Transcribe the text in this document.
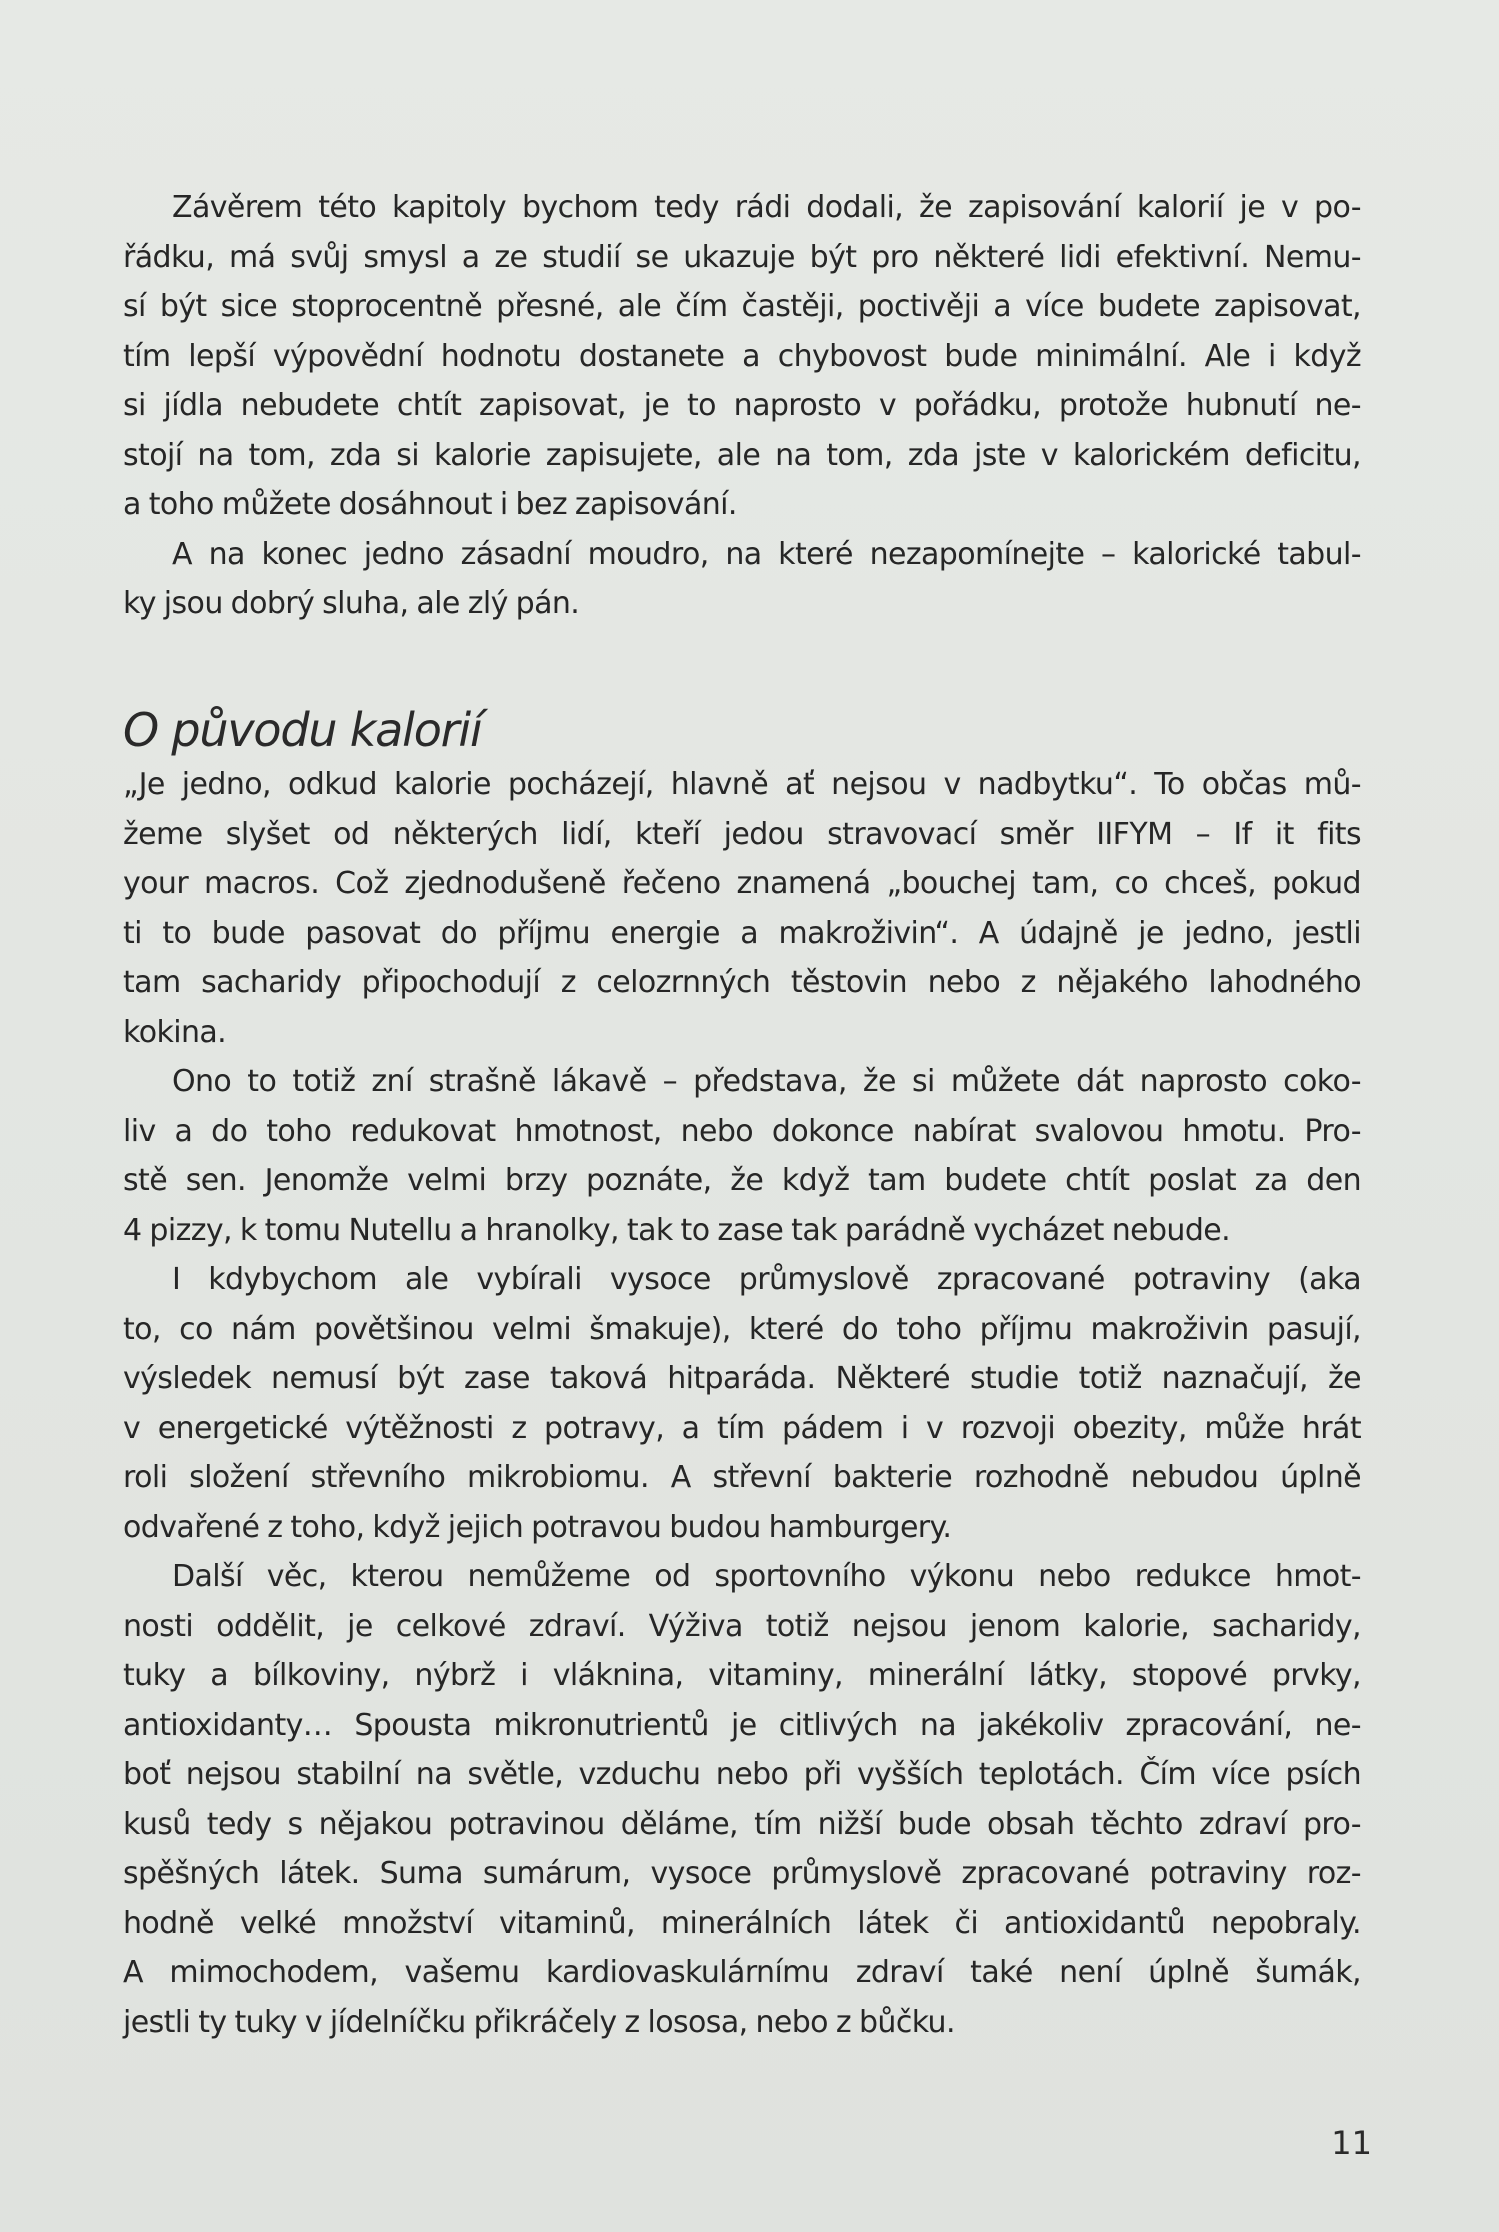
Závěrem této kapitoly bychom tedy rádi dodali, že zapisování kalorií je v po-
řádku, má svůj smysl a ze studií se ukazuje být pro některé lidi efektivní. Nemu-
sí být sice stoprocentně přesné, ale čím častěji, poctivěji a více budete zapisovat,
tím lepší výpovědní hodnotu dostanete a chybovost bude minimální. Ale i když
si jídla nebudete chtít zapisovat, je to naprosto v pořádku, protože hubnutí ne-
stojí na tom, zda si kalorie zapisujete, ale na tom, zda jste v kalorickém deficitu,
a toho můžete dosáhnout i bez zapisování.
A na konec jedno zásadní moudro, na které nezapomínejte – kalorické tabul-
ky jsou dobrý sluha, ale zlý pán.
O původu kalorií
„Je jedno, odkud kalorie pocházejí, hlavně ať nejsou v nadbytku“. To občas mů-
žeme slyšet od některých lidí, kteří jedou stravovací směr IIFYM – If it fits
your macros. Což zjednodušeně řečeno znamená „bouchej tam, co chceš, pokud
ti to bude pasovat do příjmu energie a makroživin“. A údajně je jedno, jestli
tam sacharidy připochodují z celozrnných těstovin nebo z nějakého lahodného
kokina.
Ono to totiž zní strašně lákavě – představa, že si můžete dát naprosto coko-
liv a do toho redukovat hmotnost, nebo dokonce nabírat svalovou hmotu. Pro-
stě sen. Jenomže velmi brzy poznáte, že když tam budete chtít poslat za den
4 pizzy, k tomu Nutellu a hranolky, tak to zase tak parádně vycházet nebude.
I kdybychom ale vybírali vysoce průmyslově zpracované potraviny (aka
to, co nám povětšinou velmi šmakuje), které do toho příjmu makroživin pasují,
výsledek nemusí být zase taková hitparáda. Některé studie totiž naznačují, že
v energetické výtěžnosti z potravy, a tím pádem i v rozvoji obezity, může hrát
roli složení střevního mikrobiomu. A střevní bakterie rozhodně nebudou úplně
odvařené z toho, když jejich potravou budou hamburgery.
Další věc, kterou nemůžeme od sportovního výkonu nebo redukce hmot-
nosti oddělit, je celkové zdraví. Výživa totiž nejsou jenom kalorie, sacharidy,
tuky a bílkoviny, nýbrž i vláknina, vitaminy, minerální látky, stopové prvky,
antioxidanty… Spousta mikronutrientů je citlivých na jakékoliv zpracování, ne-
boť nejsou stabilní na světle, vzduchu nebo při vyšších teplotách. Čím více psích
kusů tedy s nějakou potravinou děláme, tím nižší bude obsah těchto zdraví pro-
spěšných látek. Suma sumárum, vysoce průmyslově zpracované potraviny roz-
hodně velké množství vitaminů, minerálních látek či antioxidantů nepobraly.
A mimochodem, vašemu kardiovaskulárnímu zdraví také není úplně šumák,
jestli ty tuky v jídelníčku přikráčely z lososa, nebo z bůčku.
11
